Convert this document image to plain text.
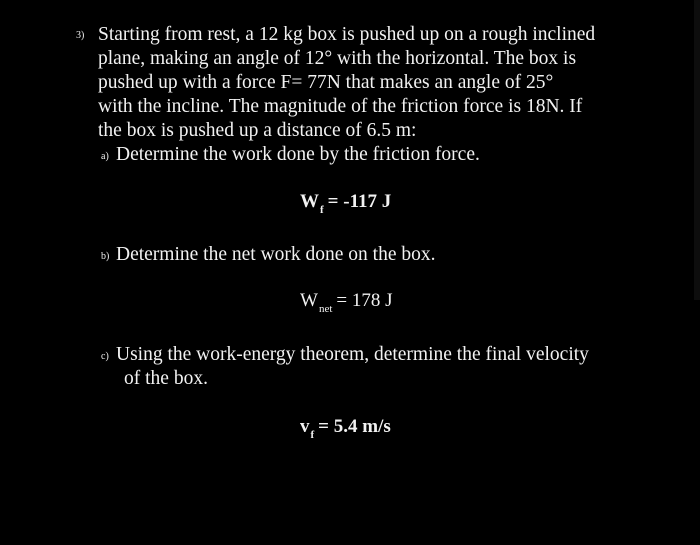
3) Starting from rest, a 12 kg box is pushed up on a rough inclined
plane, making an angle of 12° with the horizontal. The box is
pushed up with a force F= 77N that makes an angle of 25°
with the incline. The magnitude of the friction force is 18N. If
the box is pushed up a distance of 6.5 m:
a) Determine the work done by the friction force.
$W_f = -117$ J
b) Determine the net work done on the box.
$W_{net} = 178$ J
c) Using the work-energy theorem, determine the final velocity
of the box.
$v_f = 5.4$ m/s
